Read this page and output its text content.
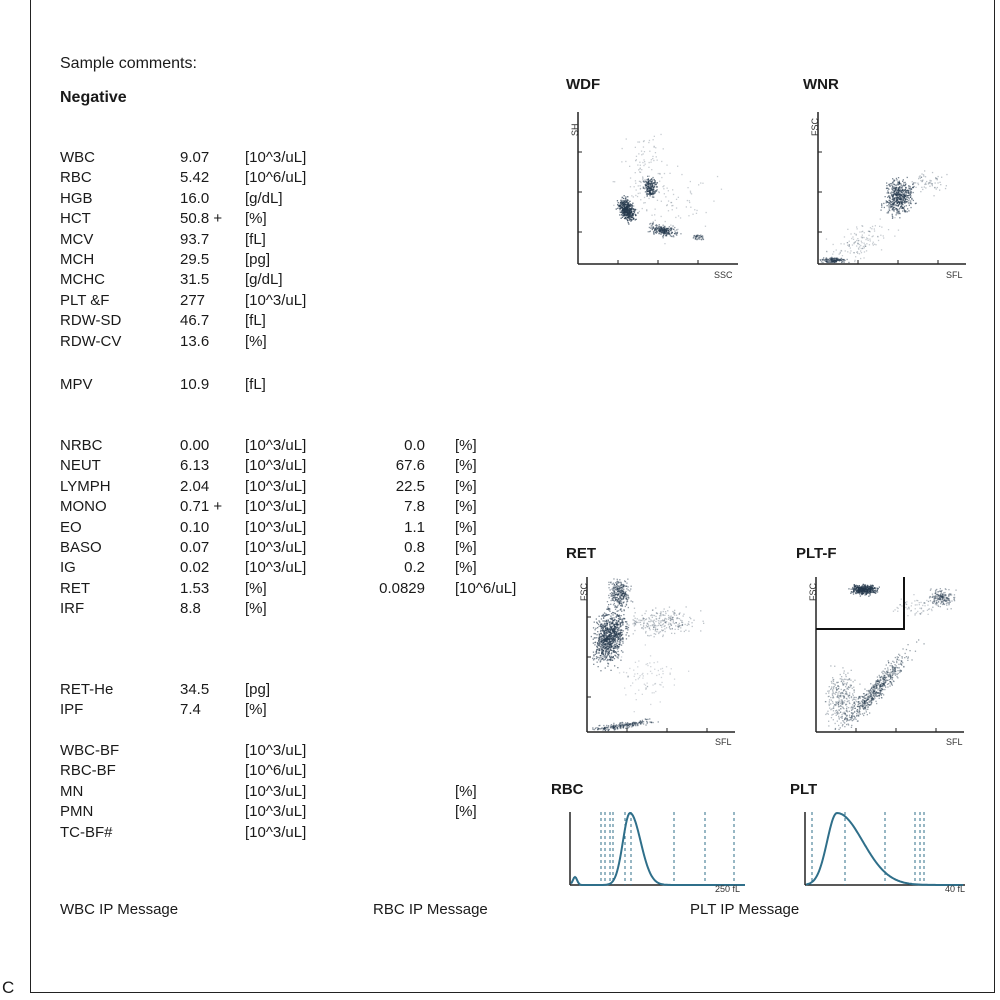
C
Sample comments:
Negative
WBC	9.07 [10^3/uL]
RBC	5.42 [10^6/uL]
HGB	16.0 [g/dL]
HCT	50.8 + [%]
MCV	93.7 [fL]
MCH	29.5 [pg]
MCHC	31.5 [g/dL]
PLT &F	277	[10^3/uL]
RDW-SD	46.7 [fL]
RDW-CV	13.6 [%]
MPV	10.9 [fL]
NRBC	0.00 [10^3/uL]	0.0 [%]
NEUT	6.13 [10^3/uL]	67.6 [%]
LYMPH	2.04 [10^3/uL]	22.5 [%]
MONO	0.71 + [10^3/uL]	7.8 [%]
EO	0.10 [10^3/uL]	1.1 [%]
BASO	0.07 [10^3/uL]	0.8 [%]
IG	0.02 [10^3/uL]	0.2 [%]
RET	1.53 [%]	0.0829 [10^6/uL]
IRF	8.8	[%]
RET-He	34.5 [pg]
IPF	7.4	[%]
WBC-BF	[10^3/uL]
RBC-BF	[10^6/uL]
MN	[10^3/uL]	[%]
PMN	[10^3/uL]	[%]
TC-BF#	[10^3/uL]
WBC IP Message	RBC IP Message	PLT IP Message
WDF	WNR
RET	PLT-F
RBC	PLT
SH
SSC
FSC
SFL
FSC
SFL
FSC
SFL
250 fL	40 fL
